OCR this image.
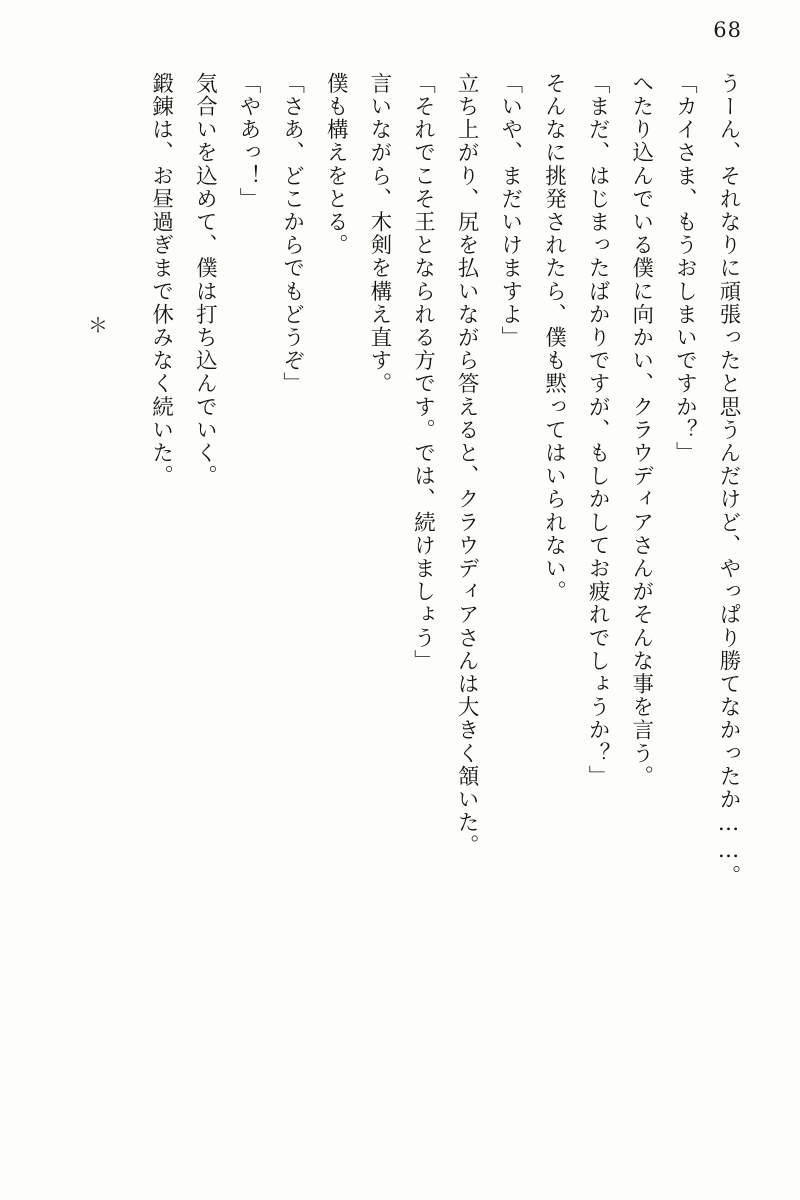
68

うーん、それなりに頑張ったと思うんだけど、やっぱり勝てなかったか……。

「カイさま、もうおしまいですか？」

へたり込んでいる僕に向かい、クラウディアさんがそんな事を言う。

「まだ、はじまったばかりですが、もしかしてお疲れでしょうか？」

そんなに挑発されたら、僕も黙ってはいられない。

「いや、まだいけますよ」

立ち上がり、尻を払いながら答えると、クラウディアさんは大きく頷いた。

「それでこそ王となられる方です。では、続けましょう」

言いながら、木剣を構え直す。

僕も構えをとる。

「さあ、どこからでもどうぞ」

「やあっ！」

気合いを込めて、僕は打ち込んでいく。

鍛錬は、お昼過ぎまで休みなく続いた。

＊
